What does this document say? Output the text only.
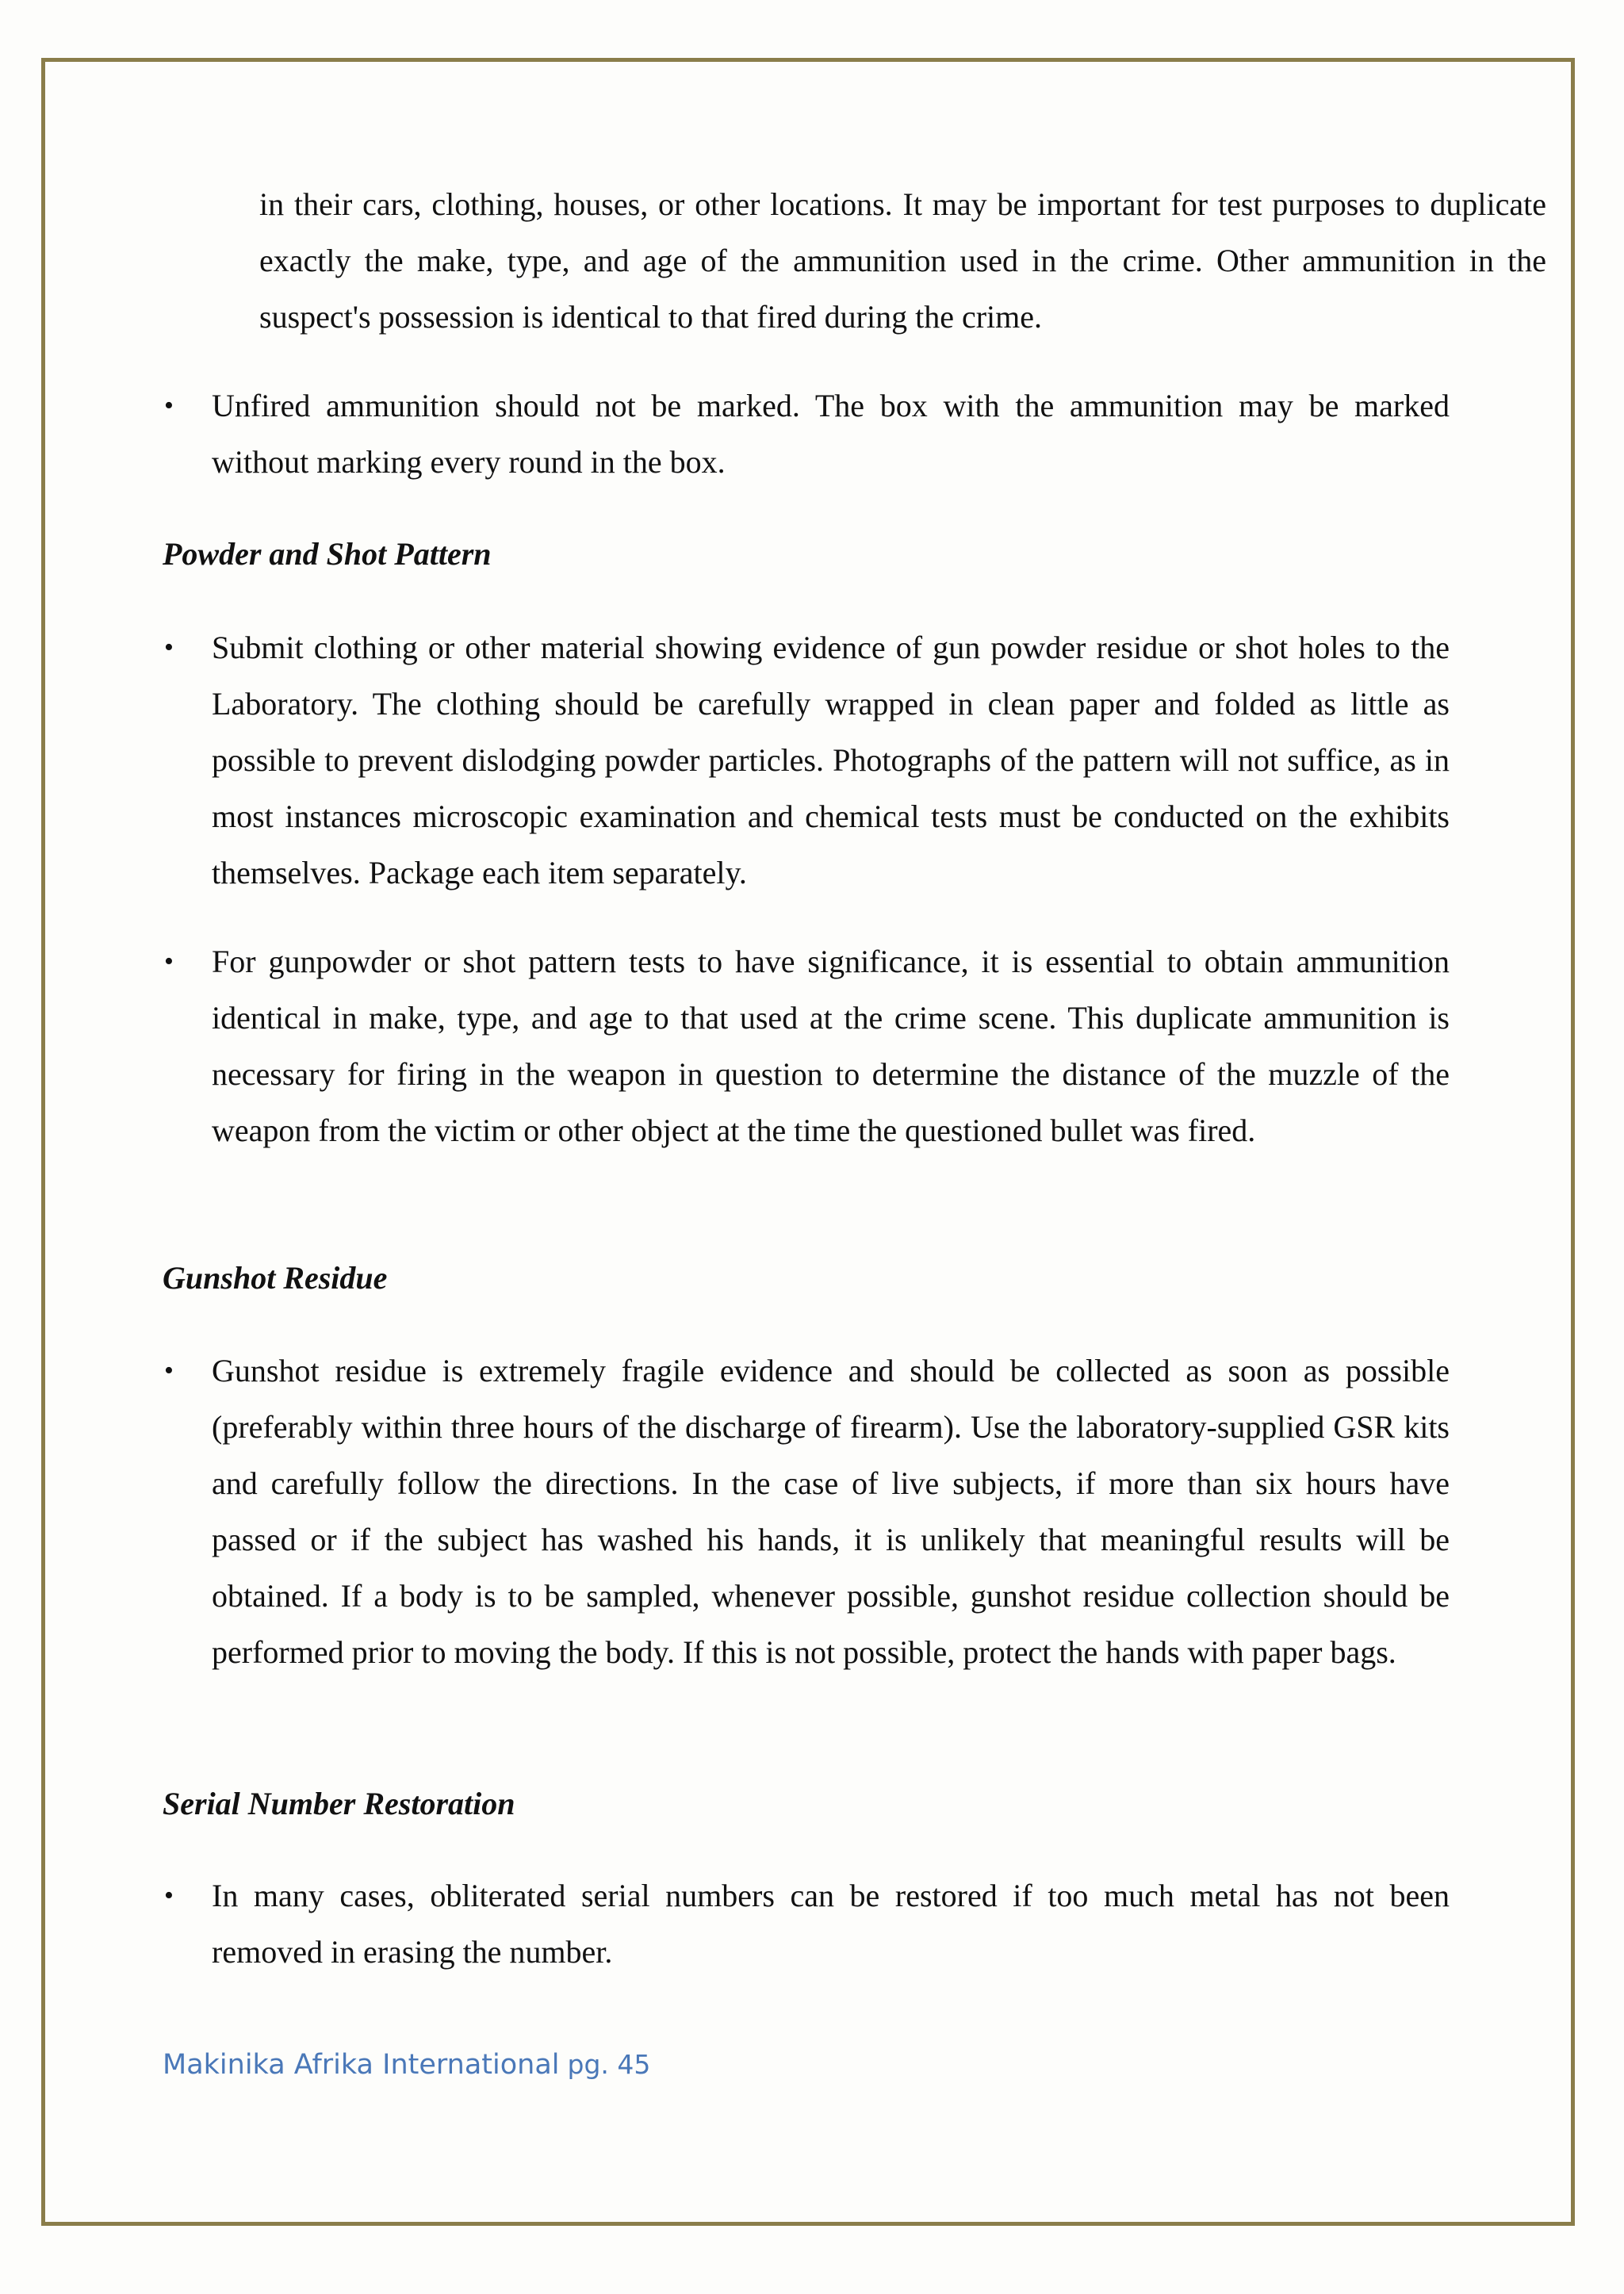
in their cars, clothing, houses, or other locations. It may be important for test purposes to duplicate exactly the make, type, and age of the ammunition used in the crime. Other ammunition in the suspect's possession is identical to that fired during the crime.

• Unfired ammunition should not be marked. The box with the ammunition may be marked without marking every round in the box.
Powder and Shot Pattern
• Submit clothing or other material showing evidence of gun powder residue or shot holes to the Laboratory. The clothing should be carefully wrapped in clean paper and folded as little as possible to prevent dislodging powder particles. Photographs of the pattern will not suffice, as in most instances microscopic examination and chemical tests must be conducted on the exhibits themselves. Package each item separately.
• For gunpowder or shot pattern tests to have significance, it is essential to obtain ammunition identical in make, type, and age to that used at the crime scene. This duplicate ammunition is necessary for firing in the weapon in question to determine the distance of the muzzle of the weapon from the victim or other object at the time the questioned bullet was fired.
Gunshot Residue
• Gunshot residue is extremely fragile evidence and should be collected as soon as possible (preferably within three hours of the discharge of firearm). Use the laboratory-supplied GSR kits and carefully follow the directions. In the case of live subjects, if more than six hours have passed or if the subject has washed his hands, it is unlikely that meaningful results will be obtained. If a body is to be sampled, whenever possible, gunshot residue collection should be performed prior to moving the body. If this is not possible, protect the hands with paper bags.
Serial Number Restoration
• In many cases, obliterated serial numbers can be restored if too much metal has not been removed in erasing the number.
Makinika Afrika International pg. 45
